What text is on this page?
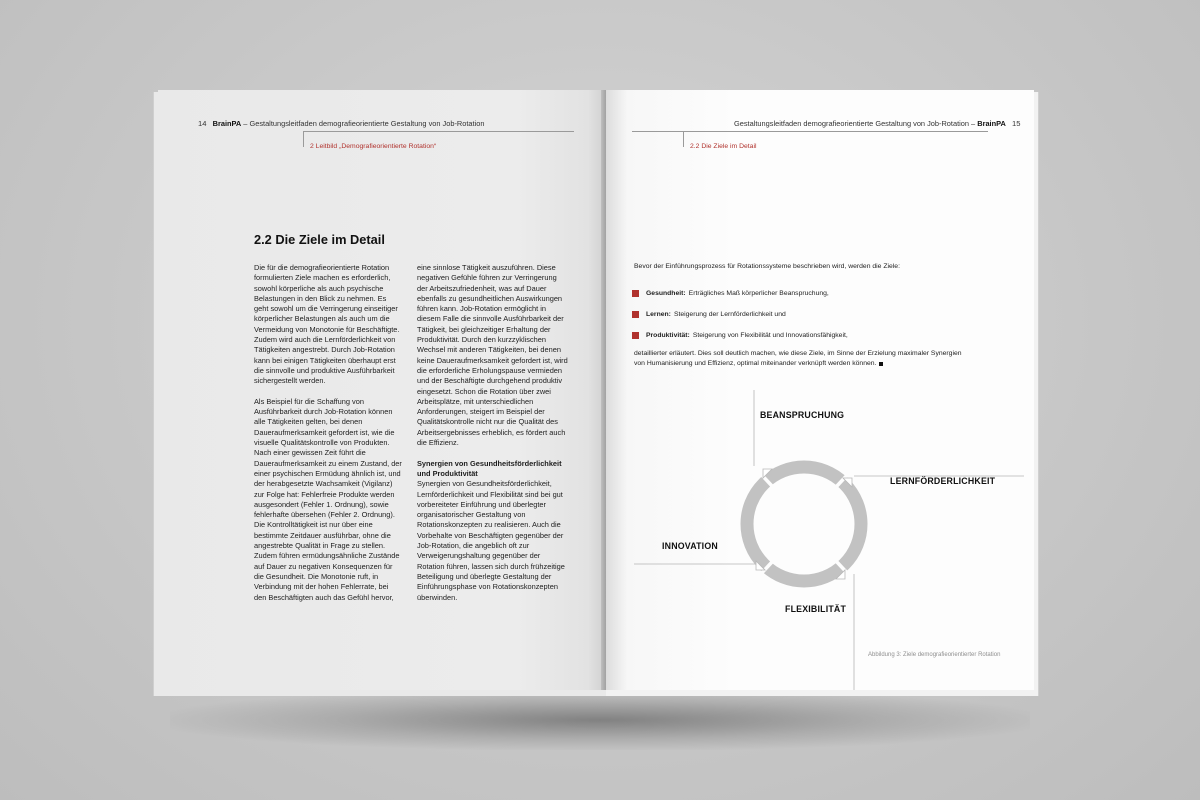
14 BrainPA – Gestaltungsleitfaden demografieorientierte Gestaltung von Job-Rotation
2 Leitbild „Demografieorientierte Rotation“
2.2 Die Ziele im Detail

Die für die demografieorientierte Rotation formulierten Ziele machen es erforderlich, sowohl körperliche als auch psychische Belastungen in den Blick zu nehmen. Es geht sowohl um die Verringerung einseitiger körperlicher Belastungen als auch um die Vermeidung von Monotonie für Beschäftigte. Zudem wird auch die Lernförderlichkeit von Tätigkeiten angestrebt. Durch Job-Rotation kann bei einigen Tätigkeiten überhaupt erst die sinnvolle und produktive Ausführbarkeit sichergestellt werden.

Als Beispiel für die Schaffung von Ausführbarkeit durch Job-Rotation können alle Tätigkeiten gelten, bei denen Daueraufmerksamkeit gefordert ist, wie die visuelle Qualitätskontrolle von Produkten. Nach einer gewissen Zeit führt die Daueraufmerksamkeit zu einem Zustand, der einer psychischen Ermüdung ähnlich ist, und der herabgesetzte Wachsamkeit (Vigilanz) zur Folge hat: Fehlerfreie Produkte werden ausgesondert (Fehler 1. Ordnung), sowie fehlerhafte übersehen (Fehler 2. Ordnung). Die Kontrolltätigkeit ist nur über eine bestimmte Zeitdauer ausführbar, ohne die angestrebte Qualität in Frage zu stellen. Zudem führen ermüdungsähnliche Zustände auf Dauer zu negativen Konsequenzen für die Gesundheit. Die Monotonie ruft, in Verbindung mit der hohen Fehlerrate, bei den Beschäftigten auch das Gefühl hervor,

eine sinnlose Tätigkeit auszuführen. Diese negativen Gefühle führen zur Verringerung der Arbeitszufriedenheit, was auf Dauer ebenfalls zu gesundheitlichen Auswirkungen führen kann. Job-Rotation ermöglicht in diesem Falle die sinnvolle Ausführbarkeit der Tätigkeit, bei gleichzeitiger Erhaltung der Produktivität. Durch den kurzzyklischen Wechsel mit anderen Tätigkeiten, bei denen keine Daueraufmerksamkeit gefordert ist, wird die erforderliche Erholungspause vermieden und der Beschäftigte durchgehend produktiv eingesetzt. Schon die Rotation über zwei Arbeitsplätze, mit unterschiedlichen Anforderungen, steigert im Beispiel der Qualitätskontrolle nicht nur die Qualität des Arbeitsergebnisses erheblich, es fördert auch die Effizienz.

Synergien von Gesundheitsförderlichkeit und Produktivität

Synergien von Gesundheitsförderlichkeit, Lernförderlichkeit und Flexibilität sind bei gut vorbereiteter Einführung und überlegter organisatorischer Gestaltung von Rotationskonzepten zu realisieren. Auch die Vorbehalte von Beschäftigten gegenüber der Job-Rotation, die angeblich oft zur Verweigerungshaltung gegenüber der Rotation führen, lassen sich durch frühzeitige Beteiligung und überlegte Gestaltung der Einführungsphase von Rotationskonzepten überwinden.

Gestaltungsleitfaden demografieorientierte Gestaltung von Job-Rotation – BrainPA 15
2.2 Die Ziele im Detail
Bevor der Einführungsprozess für Rotationssysteme beschrieben wird, werden die Ziele:
Gesundheit: Erträgliches Maß körperlicher Beanspruchung,
Lernen: Steigerung der Lernförderlichkeit und
Produktivität: Steigerung von Flexibilität und Innovationsfähigkeit,
detaillierter erläutert. Dies soll deutlich machen, wie diese Ziele, im Sinne der Erzielung maximaler Synergien von Humanisierung und Effizienz, optimal miteinander verknüpft werden können.
BEANSPRUCHUNG
LERNFÖRDERLICHKEIT
INNOVATION
FLEXIBILITÄT
Abbildung 3: Ziele demografieorientierter Rotation
